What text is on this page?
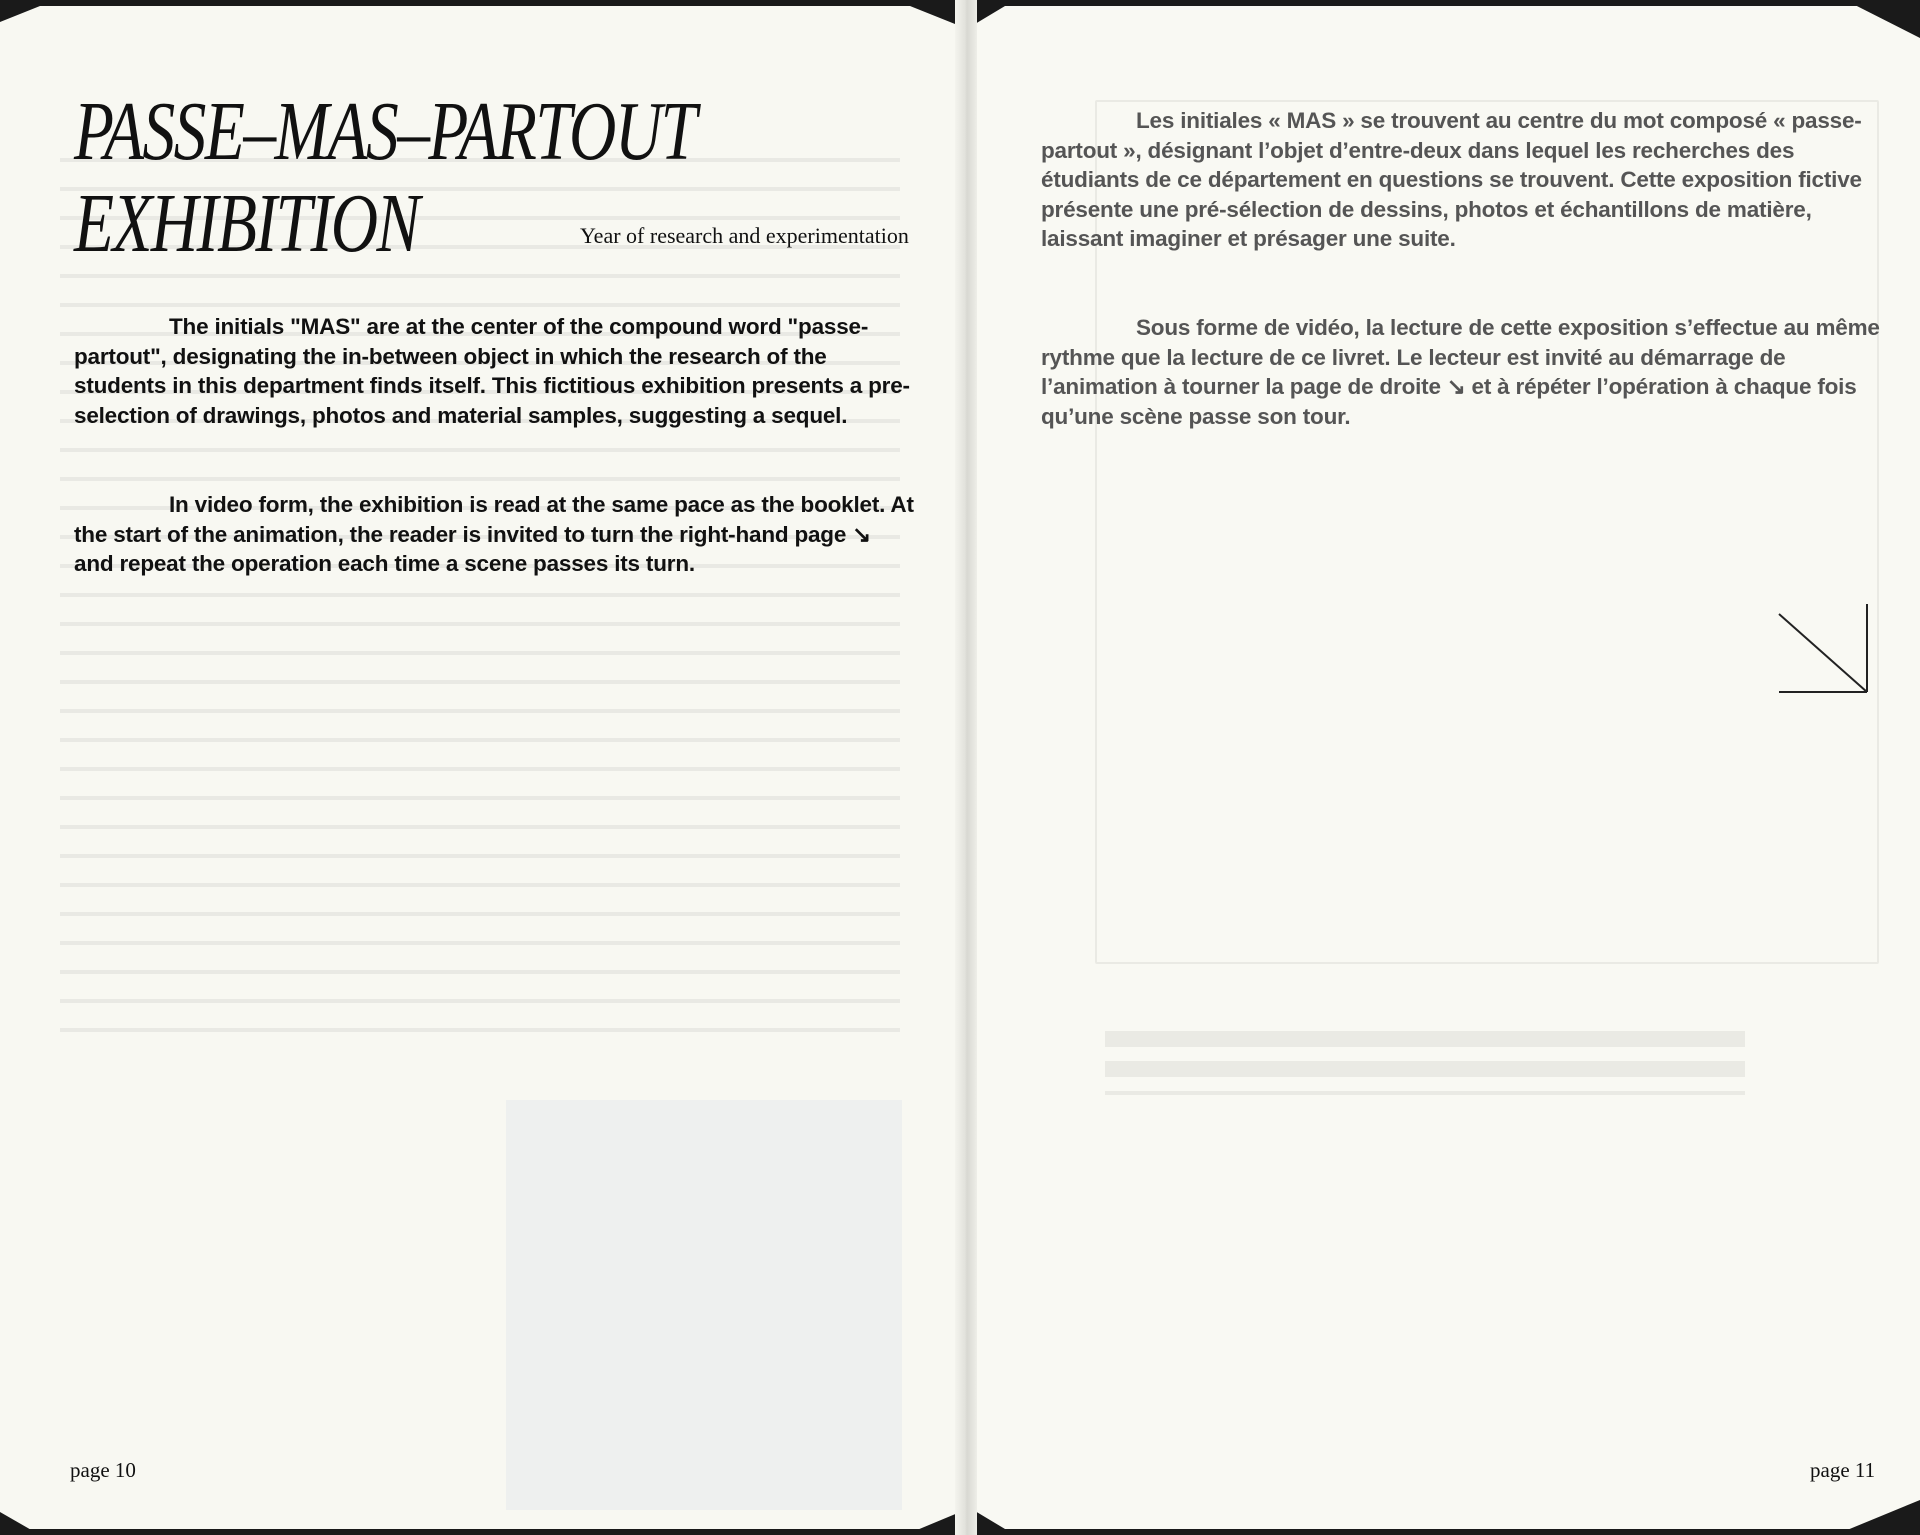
PASSE–MAS–PARTOUT
EXHIBITION	Year of research and experimentation

The initials "MAS" are at the center of the compound word "passe-partout", designating the in-between object in which the research of the students in this department finds itself. This fictitious exhibition presents a pre-selection of drawings, photos and material samples, suggesting a sequel.

In video form, the exhibition is read at the same pace as the booklet. At the start of the animation, the reader is invited to turn the right-hand page ↘ and repeat the operation each time a scene passes its turn.

page 10

Les initiales « MAS » se trouvent au centre du mot composé « passe-partout », désignant l’objet d’entre-deux dans lequel les recherches des étudiants de ce département en questions se trouvent. Cette exposition fictive présente une pré-sélection de dessins, photos et échantillons de matière, laissant imaginer et présager une suite.

Sous forme de vidéo, la lecture de cette exposition s’effectue au même rythme que la lecture de ce livret. Le lecteur est invité au démarrage de l’animation à tourner la page de droite ↘ et à répéter l’opération à chaque fois qu’une scène passe son tour.

page 11
